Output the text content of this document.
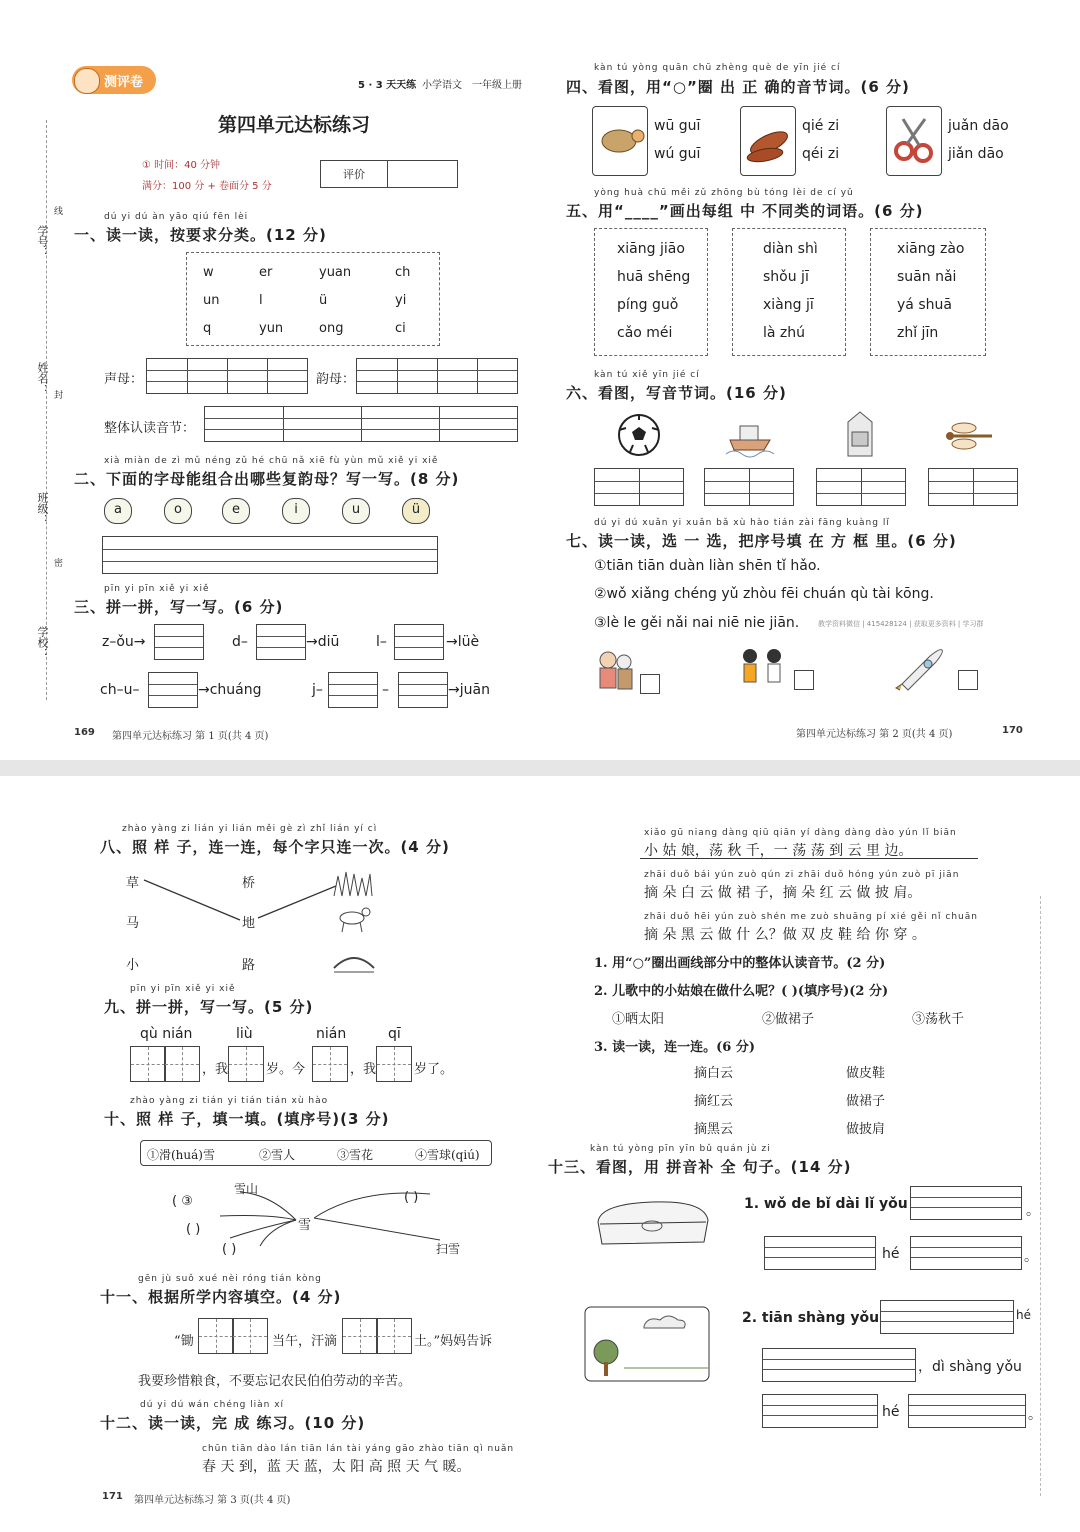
学号：
姓名：
班级：
学校：
线
封
密
测评卷	5 · 3 天天练 小学语文 一年级上册
第四单元达标练习
① 时间：40 分钟
满分：100 分 + 卷面分 5 分
评价
dú yi dú àn yāo qiú fēn lèi
一、读一读，按要求分类。(12 分)
w	er	yuan	ch
un	l	ü	yi
q	yun	ong	ci
声母：	韵母：
整体认读音节：
xià miàn de zì mǔ néng zǔ hé chū nǎ xiē fù yùn mǔ xiě yi xiě
二、下面的字母能组合出哪些复韵母？写一写。(8 分)
a	o	e	i	u	ü
pīn yi pīn xiě yi xiě
三、拼一拼，写一写。(6 分)
z–ǒu→	d–	→diū	l–	→lüè
ch–u–	→chuáng	j–	–	→juān
169 第四单元达标练习 第 1 页(共 4 页)
kàn tú yòng quān chū zhèng què de yīn jié cí
四、看图，用“○”圈 出 正 确的音节词。(6 分)
wū guī
wú guī
qié zi
qéi zi
juǎn dāo
jiǎn dāo
yòng huà chū měi zǔ zhōng bù tóng lèi de cí yǔ
五、用“____”画出每组 中 不同类的词语。(6 分)
xiāng jiāo
huā shēng
píng guǒ
cǎo méi
diàn shì
shǒu jī
xiàng jī
là zhú
xiāng zào
suān nǎi
yá shuā
zhǐ jīn
kàn tú xiě yīn jié cí
六、看图，写音节词。(16 分)
dú yi dú xuǎn yi xuǎn bǎ xù hào tián zài fāng kuàng lǐ
七、读一读，选 一 选，把序号填 在 方 框 里。(6 分)
①tiān tiān duàn liàn shēn tǐ hǎo.
②wǒ xiǎng chéng yǔ zhòu fēi chuán qù tài kōng.
③lè le gěi nǎi nai niē nie jiān.	教学资料微信 | 415428124 | 获取更多资料 | 学习群
第四单元达标练习 第 2 页(共 4 页)	170
zhào yàng zi lián yi lián měi gè zì zhǐ lián yí cì
八、照 样 子，连一连，每个字只连一次。(4 分)
草
马
小
桥
地
路
pīn yi pīn xiě yi xiě
九、拼一拼，写一写。(5 分)
qù nián	liù	nián	qī
，我	岁。今	，我	岁了。
zhào yàng zi tián yi tián tián xù hào
十、照 样 子，填一填。(填序号)(3 分)
①滑(huá)雪	②雪人	③雪花	④雪球(qiú)
雪山
雪
扫雪
( ③
( )
( )
( )
gēn jù suǒ xué nèi róng tián kòng
十一、根据所学内容填空。(4 分)
“锄	当午，汗滴	土。”妈妈告诉
我要珍惜粮食，不要忘记农民伯伯劳动的辛苦。
dú yi dú wán chéng liàn xí
十二、读一读，完 成 练习。(10 分)
chūn tiān dào lán tiān lán tài yáng gāo zhào tiān qì nuǎn
春 天 到，蓝 天 蓝，太 阳 高 照 天 气 暖。
171 第四单元达标练习 第 3 页(共 4 页)
xiǎo gū niang dàng qiū qiān yí dàng dàng dào yún lǐ biān
小 姑 娘，荡 秋 千，一 荡 荡 到 云 里 边。
zhāi duǒ bái yún zuò qún zi zhāi duǒ hóng yún zuò pī jiān
摘 朵 白 云 做 裙 子，摘 朵 红 云 做 披 肩。
zhāi duǒ hēi yún zuò shén me zuò shuāng pí xié gěi nǐ chuān
摘 朵 黑 云 做 什 么？做 双 皮 鞋 给 你 穿 。
1. 用“○”圈出画线部分中的整体认读音节。(2 分)
2. 儿歌中的小姑娘在做什么呢？( )(填序号)(2 分)
①晒太阳	②做裙子	③荡秋千
3. 读一读，连一连。(6 分)
摘白云
摘红云
摘黑云
做皮鞋
做裙子
做披肩
kàn tú yòng pīn yīn bǔ quán jù zi
十三、看图，用 拼音补 全 句子。(14 分)
1. wǒ de bǐ dài lǐ yǒu	。
hé	。
2. tiān shàng yǒu	hé
，dì shàng yǒu
hé	。
